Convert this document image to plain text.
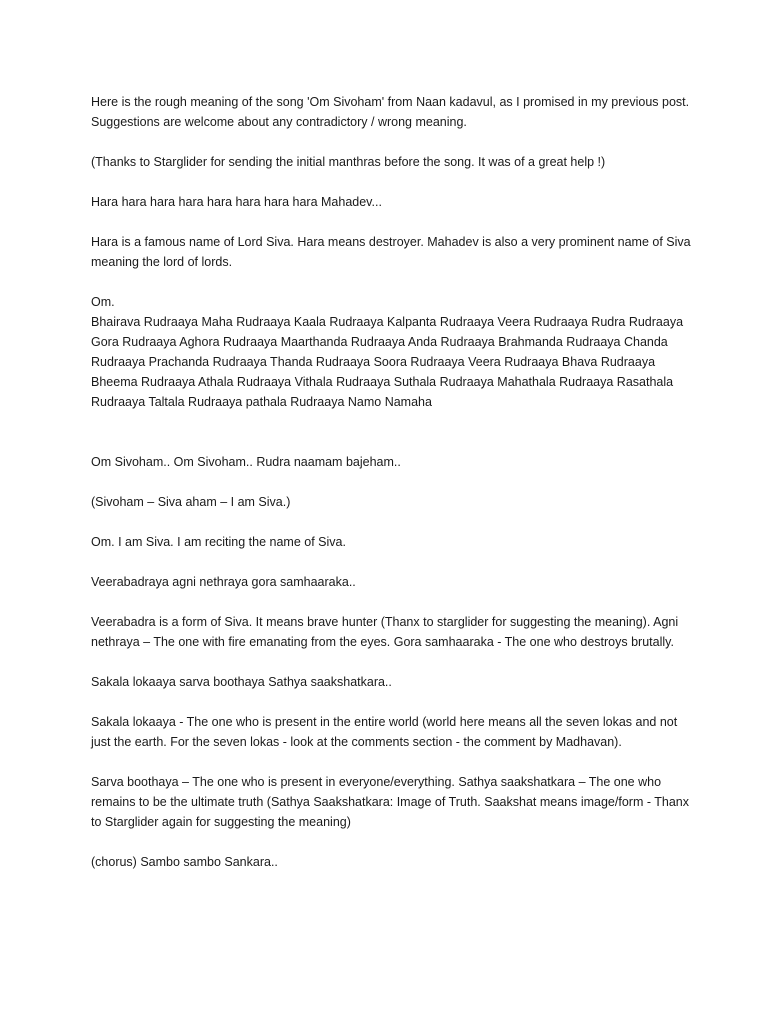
Here is the rough meaning of the song 'Om Sivoham' from Naan kadavul, as I promised in my previous post. Suggestions are welcome about any contradictory / wrong meaning.

(Thanks to Starglider for sending the initial manthras before the song. It was of a great help !)

Hara hara hara hara hara hara hara hara Mahadev...

Hara is a famous name of Lord Siva. Hara means destroyer. Mahadev is also a very prominent name of Siva meaning the lord of lords.

Om.

Bhairava Rudraaya Maha Rudraaya Kaala Rudraaya Kalpanta Rudraaya Veera Rudraaya Rudra Rudraaya Gora Rudraaya Aghora Rudraaya Maarthanda Rudraaya Anda Rudraaya Brahmanda Rudraaya Chanda Rudraaya Prachanda Rudraaya Thanda Rudraaya Soora Rudraaya Veera Rudraaya Bhava Rudraaya Bheema Rudraaya Athala Rudraaya Vithala Rudraaya Suthala Rudraaya Mahathala Rudraaya Rasathala Rudraaya Taltala Rudraaya pathala Rudraaya Namo Namaha

Om Sivoham.. Om Sivoham.. Rudra naamam bajeham..

(Sivoham – Siva aham – I am Siva.)

Om. I am Siva. I am reciting the name of Siva.

Veerabadraya agni nethraya gora samhaaraka..

Veerabadra is a form of Siva. It means brave hunter (Thanx to starglider for suggesting the meaning). Agni nethraya – The one with fire emanating from the eyes. Gora samhaaraka - The one who destroys brutally.

Sakala lokaaya sarva boothaya Sathya saakshatkara..

Sakala lokaaya - The one who is present in the entire world (world here means all the seven lokas and not just the earth. For the seven lokas - look at the comments section - the comment by Madhavan).

Sarva boothaya – The one who is present in everyone/everything. Sathya saakshatkara – The one who remains to be the ultimate truth (Sathya Saakshatkara: Image of Truth. Saakshat means image/form - Thanx to Starglider again for suggesting the meaning)

(chorus) Sambo sambo Sankara..
